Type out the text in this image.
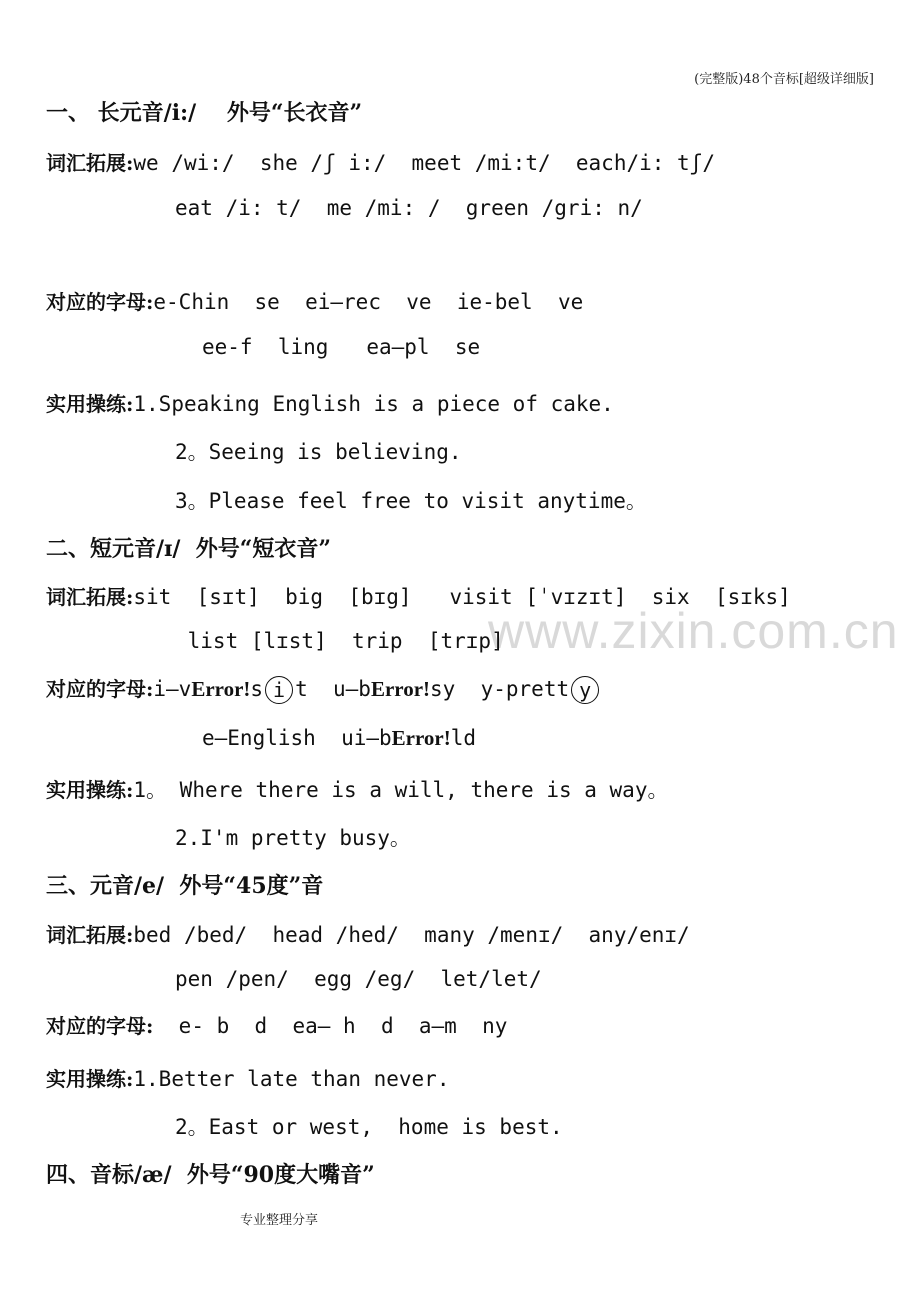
(完整版)48个音标[超级详细版]
www.zixin.com.cn
一、 长元音/i:/    外号“长衣音”
词汇拓展:we /wi:/  she /ʃ i:/  meet /mi:t/  each/i: tʃ/
eat /i: t/  me /mi: /  green /gri: n/
对应的字母:e-Chin  se  ei—rec  ve  ie-bel  ve
ee-f  ling   ea—pl  se
实用操练:1.Speaking English is a piece of cake.
2。Seeing is believing.
3。Please feel free to visit anytime。
二、短元音/ɪ/  外号“短衣音”
词汇拓展:sit  [sɪt]  big  [bɪg]   visit [ˈvɪzɪt]  six  [sɪks]
list [lɪst]  trip  [trɪp]
对应的字母:i—vError!s i t  u—bError!sy  y-prett y
e—English  ui—bError!ld
实用操练:1。 Where there is a will, there is a way。
2.I'm pretty busy。
三、元音/e/  外号“45度”音
词汇拓展:bed /bed/  head /hed/  many /menɪ/  any/enɪ/
pen /pen/  egg /eg/  let/let/
对应的字母:  e- b  d  ea— h  d  a—m  ny
实用操练:1.Better late than never.
2。East or west,  home is best.
四、音标/æ/  外号“90度大嘴音”
专业整理分享
